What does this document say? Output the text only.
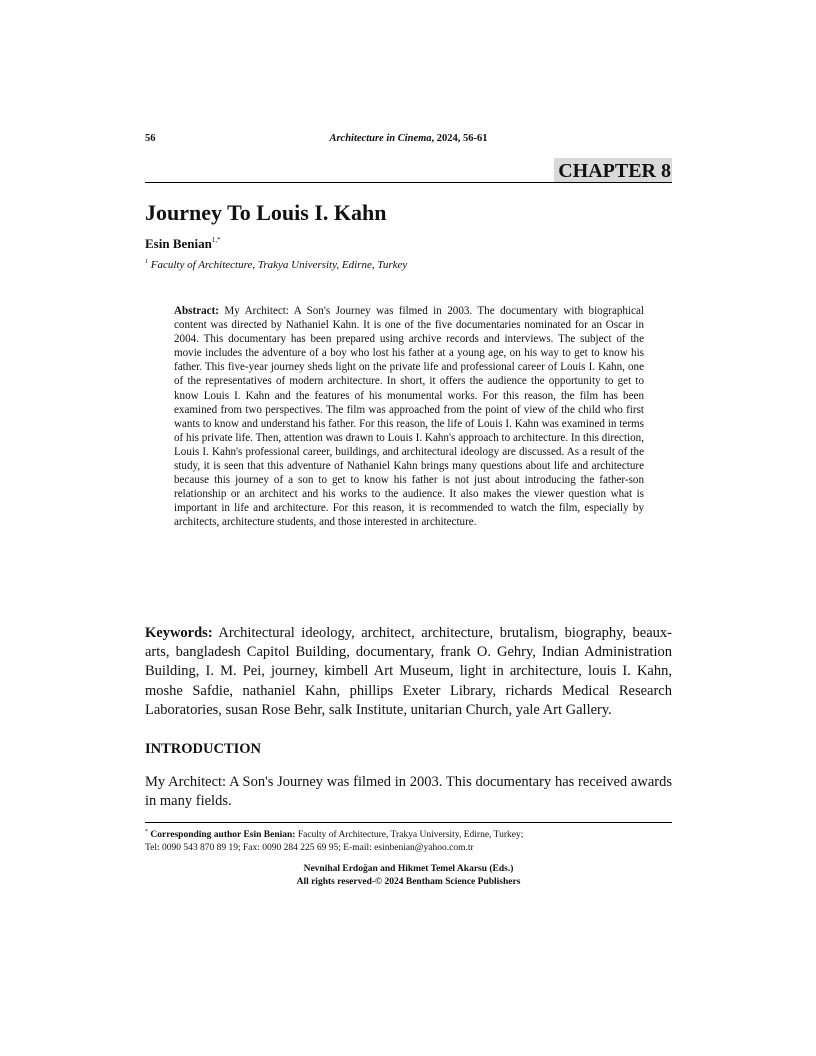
56	Architecture in Cinema, 2024, 56-61
CHAPTER 8
Journey To Louis I. Kahn
Esin Benian$^{1,*}$
$^1$ Faculty of Architecture, Trakya University, Edirne, Turkey

Abstract: My Architect: A Son's Journey was filmed in 2003. The documentary with biographical content was directed by Nathaniel Kahn. It is one of the five documentaries nominated for an Oscar in 2004. This documentary has been prepared using archive records and interviews. The subject of the movie includes the adventure of a boy who lost his father at a young age, on his way to get to know his father. This five-year journey sheds light on the private life and professional career of Louis I. Kahn, one of the representatives of modern architecture. In short, it offers the audience the opportunity to get to know Louis I. Kahn and the features of his monumental works. For this reason, the film has been examined from two perspectives. The film was approached from the point of view of the child who first wants to know and understand his father. For this reason, the life of Louis I. Kahn was examined in terms of his private life. Then, attention was drawn to Louis I. Kahn's approach to architecture. In this direction, Louis I. Kahn's professional career, buildings, and architectural ideology are discussed. As a result of the study, it is seen that this adventure of Nathaniel Kahn brings many questions about life and architecture because this journey of a son to get to know his father is not just about introducing the father-son relationship or an architect and his works to the audience. It also makes the viewer question what is important in life and architecture. For this reason, it is recommended to watch the film, especially by architects, architecture students, and those interested in architecture.

Keywords: Architectural ideology, architect, architecture, brutalism, biography, beaux-arts, bangladesh Capitol Building, documentary, frank O. Gehry, Indian Administration Building, I. M. Pei, journey, kimbell Art Museum, light in architecture, louis I. Kahn, moshe Safdie, nathaniel Kahn, phillips Exeter Library, richards Medical Research Laboratories, susan Rose Behr, salk Institute, unitarian Church, yale Art Gallery.

INTRODUCTION

My Architect: A Son's Journey was filmed in 2003. This documentary has received awards in many fields.

* Corresponding author Esin Benian: Faculty of Architecture, Trakya University, Edirne, Turkey;
Tel: 0090 543 870 89 19; Fax: 0090 284 225 69 95; E-mail: esinbenian@yahoo.com.tr

Nevnihal Erdoğan and Hikmet Temel Akarsu (Eds.)
All rights reserved-© 2024 Bentham Science Publishers
